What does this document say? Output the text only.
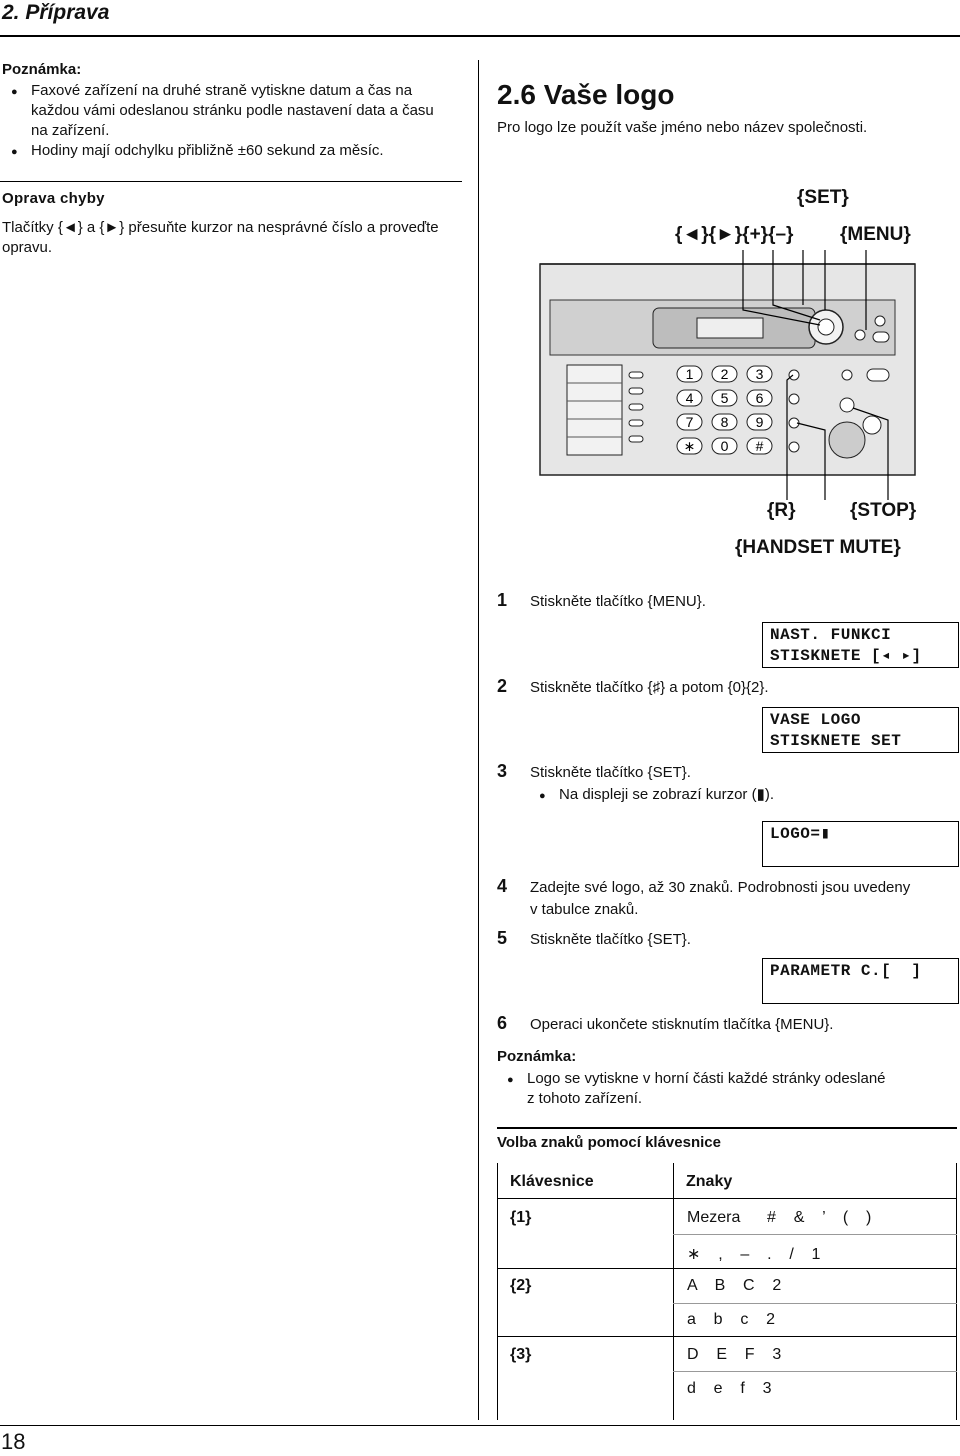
2. Příprava
Poznámka:
● Faxové zařízení na druhé straně vytiskne datum a čas na
každou vámi odeslanou stránku podle nastavení data a času
na zařízení.
● Hodiny mají odchylku přibližně ±60 sekund za měsíc.
Oprava chyby
Tlačítky {◄} a {►} přesuňte kurzor na nesprávné číslo a proveďte
opravu.
2.6 Vaše logo
Pro logo lze použít vaše jméno nebo název společnosti.
{SET}
{◄}{►}{+}{–} {MENU}
{R}	{STOP}
{HANDSET MUTE}
1 2 3
4 5 6
7 8 9
∗ 0 #
1 Stiskněte tlačítko {MENU}.
2 Stiskněte tlačítko {♯} a potom {0}{2}.
3 Stiskněte tlačítko {SET}.
● Na displeji se zobrazí kurzor (▮).
4 Zadejte své logo, až 30 znaků. Podrobnosti jsou uvedeny
v tabulce znaků.
5 Stiskněte tlačítko {SET}.
6 Operaci ukončete stisknutím tlačítka {MENU}.
NAST. FUNKCI
STISKNETE [◂ ▸]
VASE LOGO
STISKNETE SET
LOGO=▮
PARAMETR C.[  ]
Poznámka:
● Logo se vytiskne v horní části každé stránky odeslané
z tohoto zařízení.
Volba znaků pomocí klávesnice
Klávesnice	Znaky
{1}	Mezera      #    &    ’    (    )
∗    ,    –    .    /    1
{2}	A    B    C    2
a    b    c    2
{3}	D    E    F    3
d    e    f    3
18
